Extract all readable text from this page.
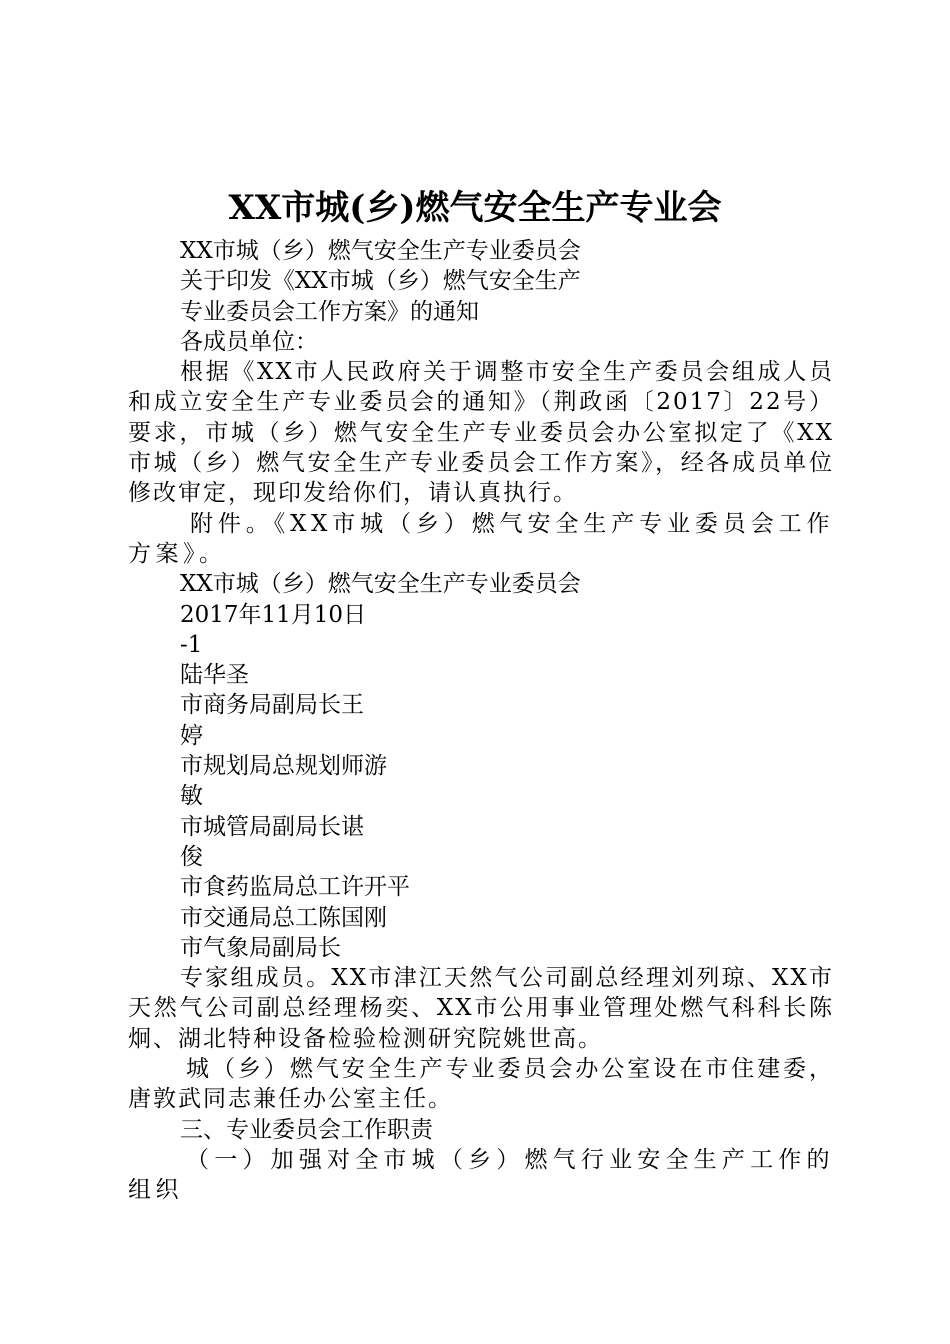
XX市城(乡)燃气安全生产专业会
XX市城（乡）燃气安全生产专业委员会
关于印发《XX市城（乡）燃气安全生产
专业委员会工作方案》的通知
各成员单位：
根据《XX市人民政府关于调整市安全生产委员会组成人员和成立安全生产专业委员会的通知》（荆政函〔2017〕22号）要求，市城（乡）燃气安全生产专业委员会办公室拟定了《XX市城（乡）燃气安全生产专业委员会工作方案》，经各成员单位修改审定，现印发给你们，请认真执行。
附件。《XX市城（乡）燃气安全生产专业委员会工作方案》。
XX市城（乡）燃气安全生产专业委员会
2017年11月10日
-1
陆华圣
市商务局副局长王
婷
市规划局总规划师游
敏
市城管局副局长谌
俊
市食药监局总工许开平
市交通局总工陈国刚
市气象局副局长
专家组成员。XX市津江天然气公司副总经理刘列琼、XX市天然气公司副总经理杨奕、XX市公用事业管理处燃气科科长陈炯、湖北特种设备检验检测研究院姚世高。
城（乡）燃气安全生产专业委员会办公室设在市住建委，唐敦武同志兼任办公室主任。
三、专业委员会工作职责
（一）加强对全市城（乡）燃气行业安全生产工作的组织
